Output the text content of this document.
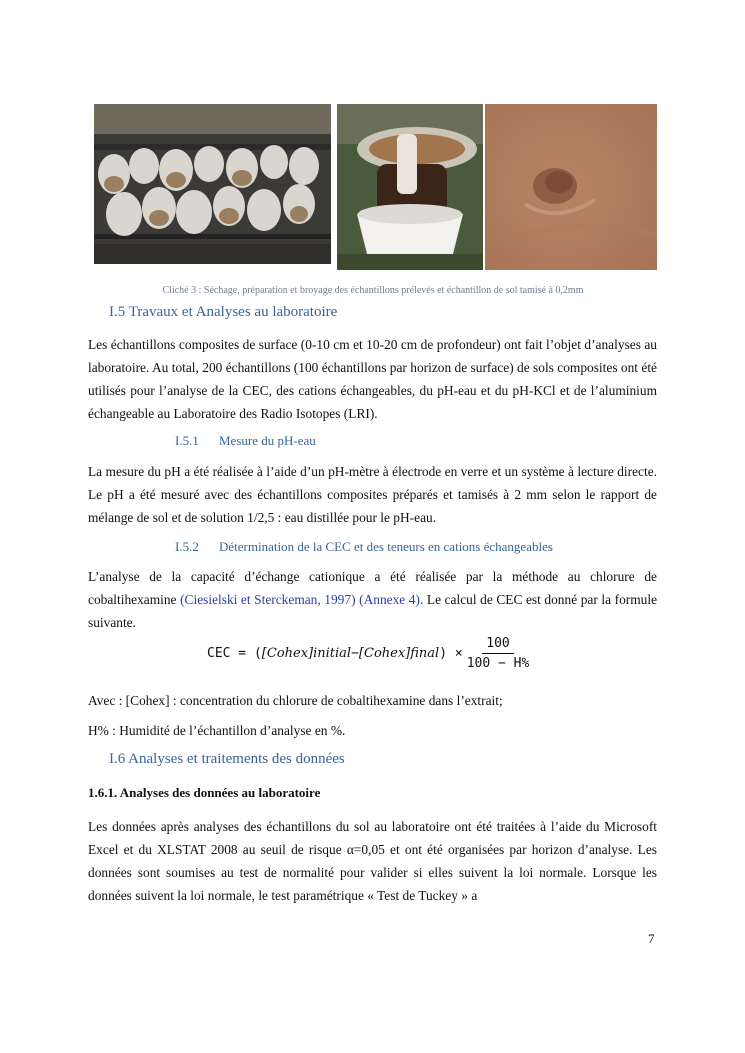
Cliché 3 : Séchage, préparation et broyage des échantillons prélevés et échantillon de sol tamisé à 0,2mm
I.5 Travaux et Analyses au laboratoire

Les échantillons composites de surface (0-10 cm et 10-20 cm de profondeur) ont fait l’objet d’analyses au laboratoire. Au total, 200 échantillons (100 échantillons par horizon de surface) de sols composites ont été utilisés pour l’analyse de la CEC, des cations échangeables, du pH-eau et du pH-KCl et de l’aluminium échangeable au Laboratoire des Radio Isotopes (LRI).

I.5.1 Mesure du pH-eau

La mesure du pH a été réalisée à l’aide d’un pH-mètre à électrode en verre et un système à lecture directe. Le pH a été mesuré avec des échantillons composites préparés et tamisés à 2 mm selon le rapport de mélange de sol et de solution 1/2,5 : eau distillée pour le pH-eau.

I.5.2 Détermination de la CEC et des teneurs en cations échangeables

L’analyse de la capacité d’échange cationique a été réalisée par la méthode au chlorure de cobaltihexamine (Ciesielski et Sterckeman, 1997) (Annexe 4). Le calcul de CEC est donné par la formule suivante.

CEC = ( [Cohex]initial − [Cohex]final ) × $\frac{100}{100 - H\%}$
Avec : [Cohex] : concentration du chlorure de cobaltihexamine dans l’extrait;
H% : Humidité de l’échantillon d’analyse en %.
I.6 Analyses et traitements des données
1.6.1. Analyses des données au laboratoire

Les données après analyses des échantillons du sol au laboratoire ont été traitées à l’aide du Microsoft Excel et du XLSTAT 2008 au seuil de risque α=0,05 et ont été organisées par horizon d’analyse. Les données sont soumises au test de normalité pour valider si elles suivent la loi normale. Lorsque les données suivent la loi normale, le test paramétrique « Test de Tuckey » a

7
